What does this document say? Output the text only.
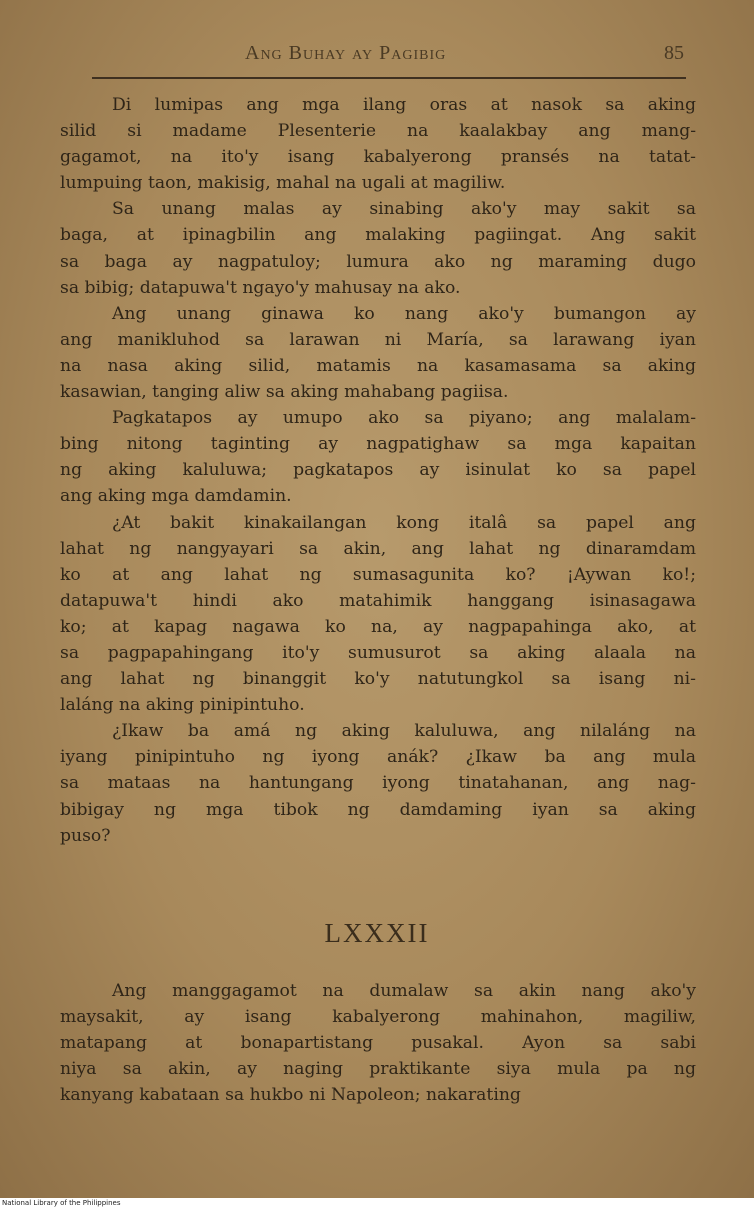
Ang Buhay ay Pagibig	85
Di lumipas ang mga ilang oras at nasok sa aking
silid si madame Plesenterie na kaalakbay ang mang-
gagamot, na ito'y isang kabalyerong pransés na tatat-
lumpuing taon, makisig, mahal na ugali at magiliw.
Sa unang malas ay sinabing ako'y may sakit sa
baga, at ipinagbilin ang malaking pagiingat. Ang sakit
sa baga ay nagpatuloy; lumura ako ng maraming dugo
sa bibig; datapuwa't ngayo'y mahusay na ako.
Ang unang ginawa ko nang ako'y bumangon ay
ang manikluhod sa larawan ni María, sa larawang iyan
na nasa aking silid, matamis na kasamasama sa aking
kasawian, tanging aliw sa aking mahabang pagiisa.
Pagkatapos ay umupo ako sa piyano; ang malalam-
bing nitong taginting ay nagpatighaw sa mga kapaitan
ng aking kaluluwa; pagkatapos ay isinulat ko sa papel
ang aking mga damdamin.
¿At bakit kinakailangan kong italâ sa papel ang
lahat ng nangyayari sa akin, ang lahat ng dinaramdam
ko at ang lahat ng sumasagunita ko? ¡Aywan ko!;
datapuwa't hindi ako matahimik hanggang isinasagawa
ko; at kapag nagawa ko na, ay nagpapahinga ako, at
sa pagpapahingang ito'y sumusurot sa aking alaala na
ang lahat ng binanggit ko'y natutungkol sa isang ni-
laláng na aking pinipintuho.
¿Ikaw ba amá ng aking kaluluwa, ang nilaláng na
iyang pinipintuho ng iyong anák? ¿Ikaw ba ang mula
sa mataas na hantungang iyong tinatahanan, ang nag-
bibigay ng mga tibok ng damdaming iyan sa aking
puso?
LXXXII
Ang manggagamot na dumalaw sa akin nang ako'y
maysakit, ay isang kabalyerong mahinahon, magiliw,
matapang at bonapartistang pusakal. Ayon sa sabi
niya sa akin, ay naging praktikante siya mula pa ng
kanyang kabataan sa hukbo ni Napoleon; nakarating
National Library of the Philippines
